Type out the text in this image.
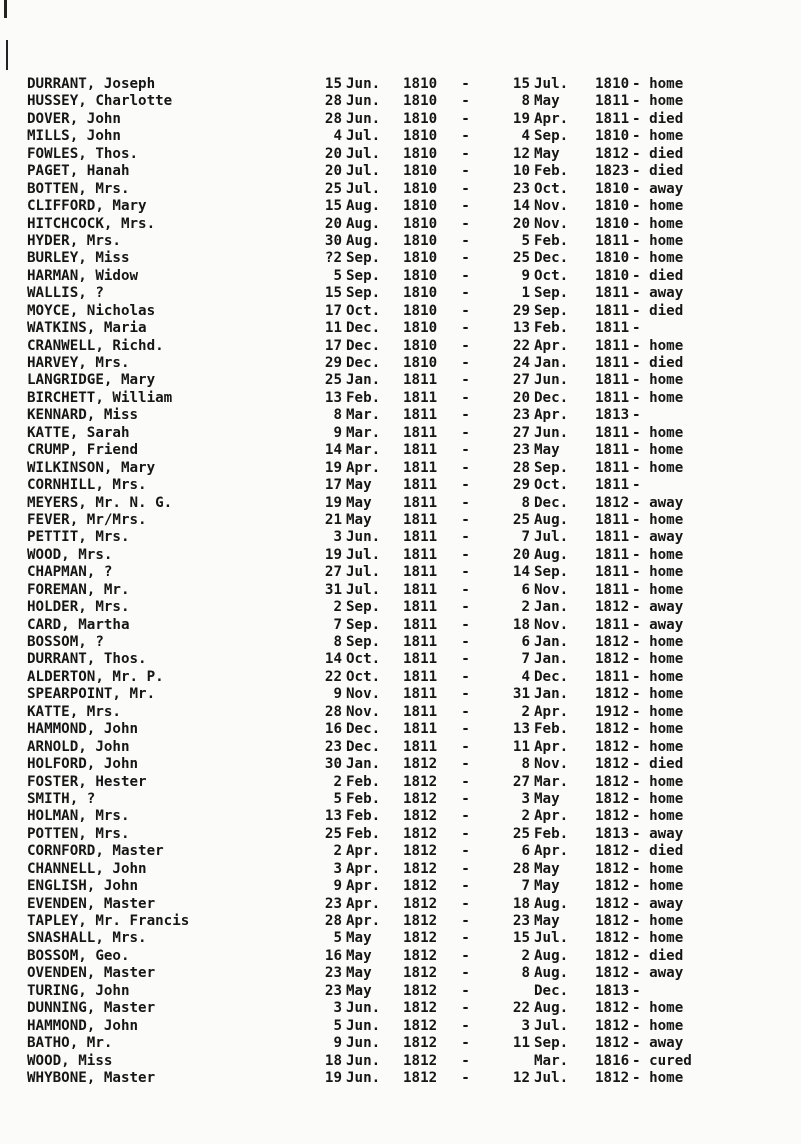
DURRANT, Joseph	15 Jun.	1810	-	15 Jul.	1810 - home
HUSSEY, Charlotte	28 Jun.	1810	-	8 May	1811 - home
DOVER, John	28 Jun.	1810	-	19 Apr.	1811 - died
MILLS, John	4 Jul.	1810	-	4 Sep.	1810 - home
FOWLES, Thos.	20 Jul.	1810	-	12 May	1812 - died
PAGET, Hanah	20 Jul.	1810	-	10 Feb.	1823 - died
BOTTEN, Mrs.	25 Jul.	1810	-	23 Oct.	1810 - away
CLIFFORD, Mary	15 Aug.	1810	-	14 Nov.	1810 - home
HITCHCOCK, Mrs.	20 Aug.	1810	-	20 Nov.	1810 - home
HYDER, Mrs.	30 Aug.	1810	-	5 Feb.	1811 - home
BURLEY, Miss	?2 Sep.	1810	-	25 Dec.	1810 - home
HARMAN, Widow	5 Sep.	1810	-	9 Oct.	1810 - died
WALLIS, ?	15 Sep.	1810	-	1 Sep.	1811 - away
MOYCE, Nicholas	17 Oct.	1810	-	29 Sep.	1811 - died
WATKINS, Maria	11 Dec.	1810	-	13 Feb.	1811 -
CRANWELL, Richd.	17 Dec.	1810	-	22 Apr.	1811 - home
HARVEY, Mrs.	29 Dec.	1810	-	24 Jan.	1811 - died
LANGRIDGE, Mary	25 Jan.	1811	-	27 Jun.	1811 - home
BIRCHETT, William	13 Feb.	1811	-	20 Dec.	1811 - home
KENNARD, Miss	8 Mar.	1811	-	23 Apr.	1813 -
KATTE, Sarah	9 Mar.	1811	-	27 Jun.	1811 - home
CRUMP, Friend	14 Mar.	1811	-	23 May	1811 - home
WILKINSON, Mary	19 Apr.	1811	-	28 Sep.	1811 - home
CORNHILL, Mrs.	17 May	1811	-	29 Oct.	1811 -
MEYERS, Mr. N. G.	19 May	1811	-	8 Dec.	1812 - away
FEVER, Mr/Mrs.	21 May	1811	-	25 Aug.	1811 - home
PETTIT, Mrs.	3 Jun.	1811	-	7 Jul.	1811 - away
WOOD, Mrs.	19 Jul.	1811	-	20 Aug.	1811 - home
CHAPMAN, ?	27 Jul.	1811	-	14 Sep.	1811 - home
FOREMAN, Mr.	31 Jul.	1811	-	6 Nov.	1811 - home
HOLDER, Mrs.	2 Sep.	1811	-	2 Jan.	1812 - away
CARD, Martha	7 Sep.	1811	-	18 Nov.	1811 - away
BOSSOM, ?	8 Sep.	1811	-	6 Jan.	1812 - home
DURRANT, Thos.	14 Oct.	1811	-	7 Jan.	1812 - home
ALDERTON, Mr. P.	22 Oct.	1811	-	4 Dec.	1811 - home
SPEARPOINT, Mr.	9 Nov.	1811	-	31 Jan.	1812 - home
KATTE, Mrs.	28 Nov.	1811	-	2 Apr.	1912 - home
HAMMOND, John	16 Dec.	1811	-	13 Feb.	1812 - home
ARNOLD, John	23 Dec.	1811	-	11 Apr.	1812 - home
HOLFORD, John	30 Jan.	1812	-	8 Nov.	1812 - died
FOSTER, Hester	2 Feb.	1812	-	27 Mar.	1812 - home
SMITH, ?	5 Feb.	1812	-	3 May	1812 - home
HOLMAN, Mrs.	13 Feb.	1812	-	2 Apr.	1812 - home
POTTEN, Mrs.	25 Feb.	1812	-	25 Feb.	1813 - away
CORNFORD, Master	2 Apr.	1812	-	6 Apr.	1812 - died
CHANNELL, John	3 Apr.	1812	-	28 May	1812 - home
ENGLISH, John	9 Apr.	1812	-	7 May	1812 - home
EVENDEN, Master	23 Apr.	1812	-	18 Aug.	1812 - away
TAPLEY, Mr. Francis	28 Apr.	1812	-	23 May	1812 - home
SNASHALL, Mrs.	5 May	1812	-	15 Jul.	1812 - home
BOSSOM, Geo.	16 May	1812	-	2 Aug.	1812 - died
OVENDEN, Master	23 May	1812	-	8 Aug.	1812 - away
TURING, John	23 May	1812	-	Dec.	1813 -
DUNNING, Master	3 Jun.	1812	-	22 Aug.	1812 - home
HAMMOND, John	5 Jun.	1812	-	3 Jul.	1812 - home
BATHO, Mr.	9 Jun.	1812	-	11 Sep.	1812 - away
WOOD, Miss	18 Jun.	1812	-	Mar.	1816 - cured
WHYBONE, Master	19 Jun.	1812	-	12 Jul.	1812 - home
